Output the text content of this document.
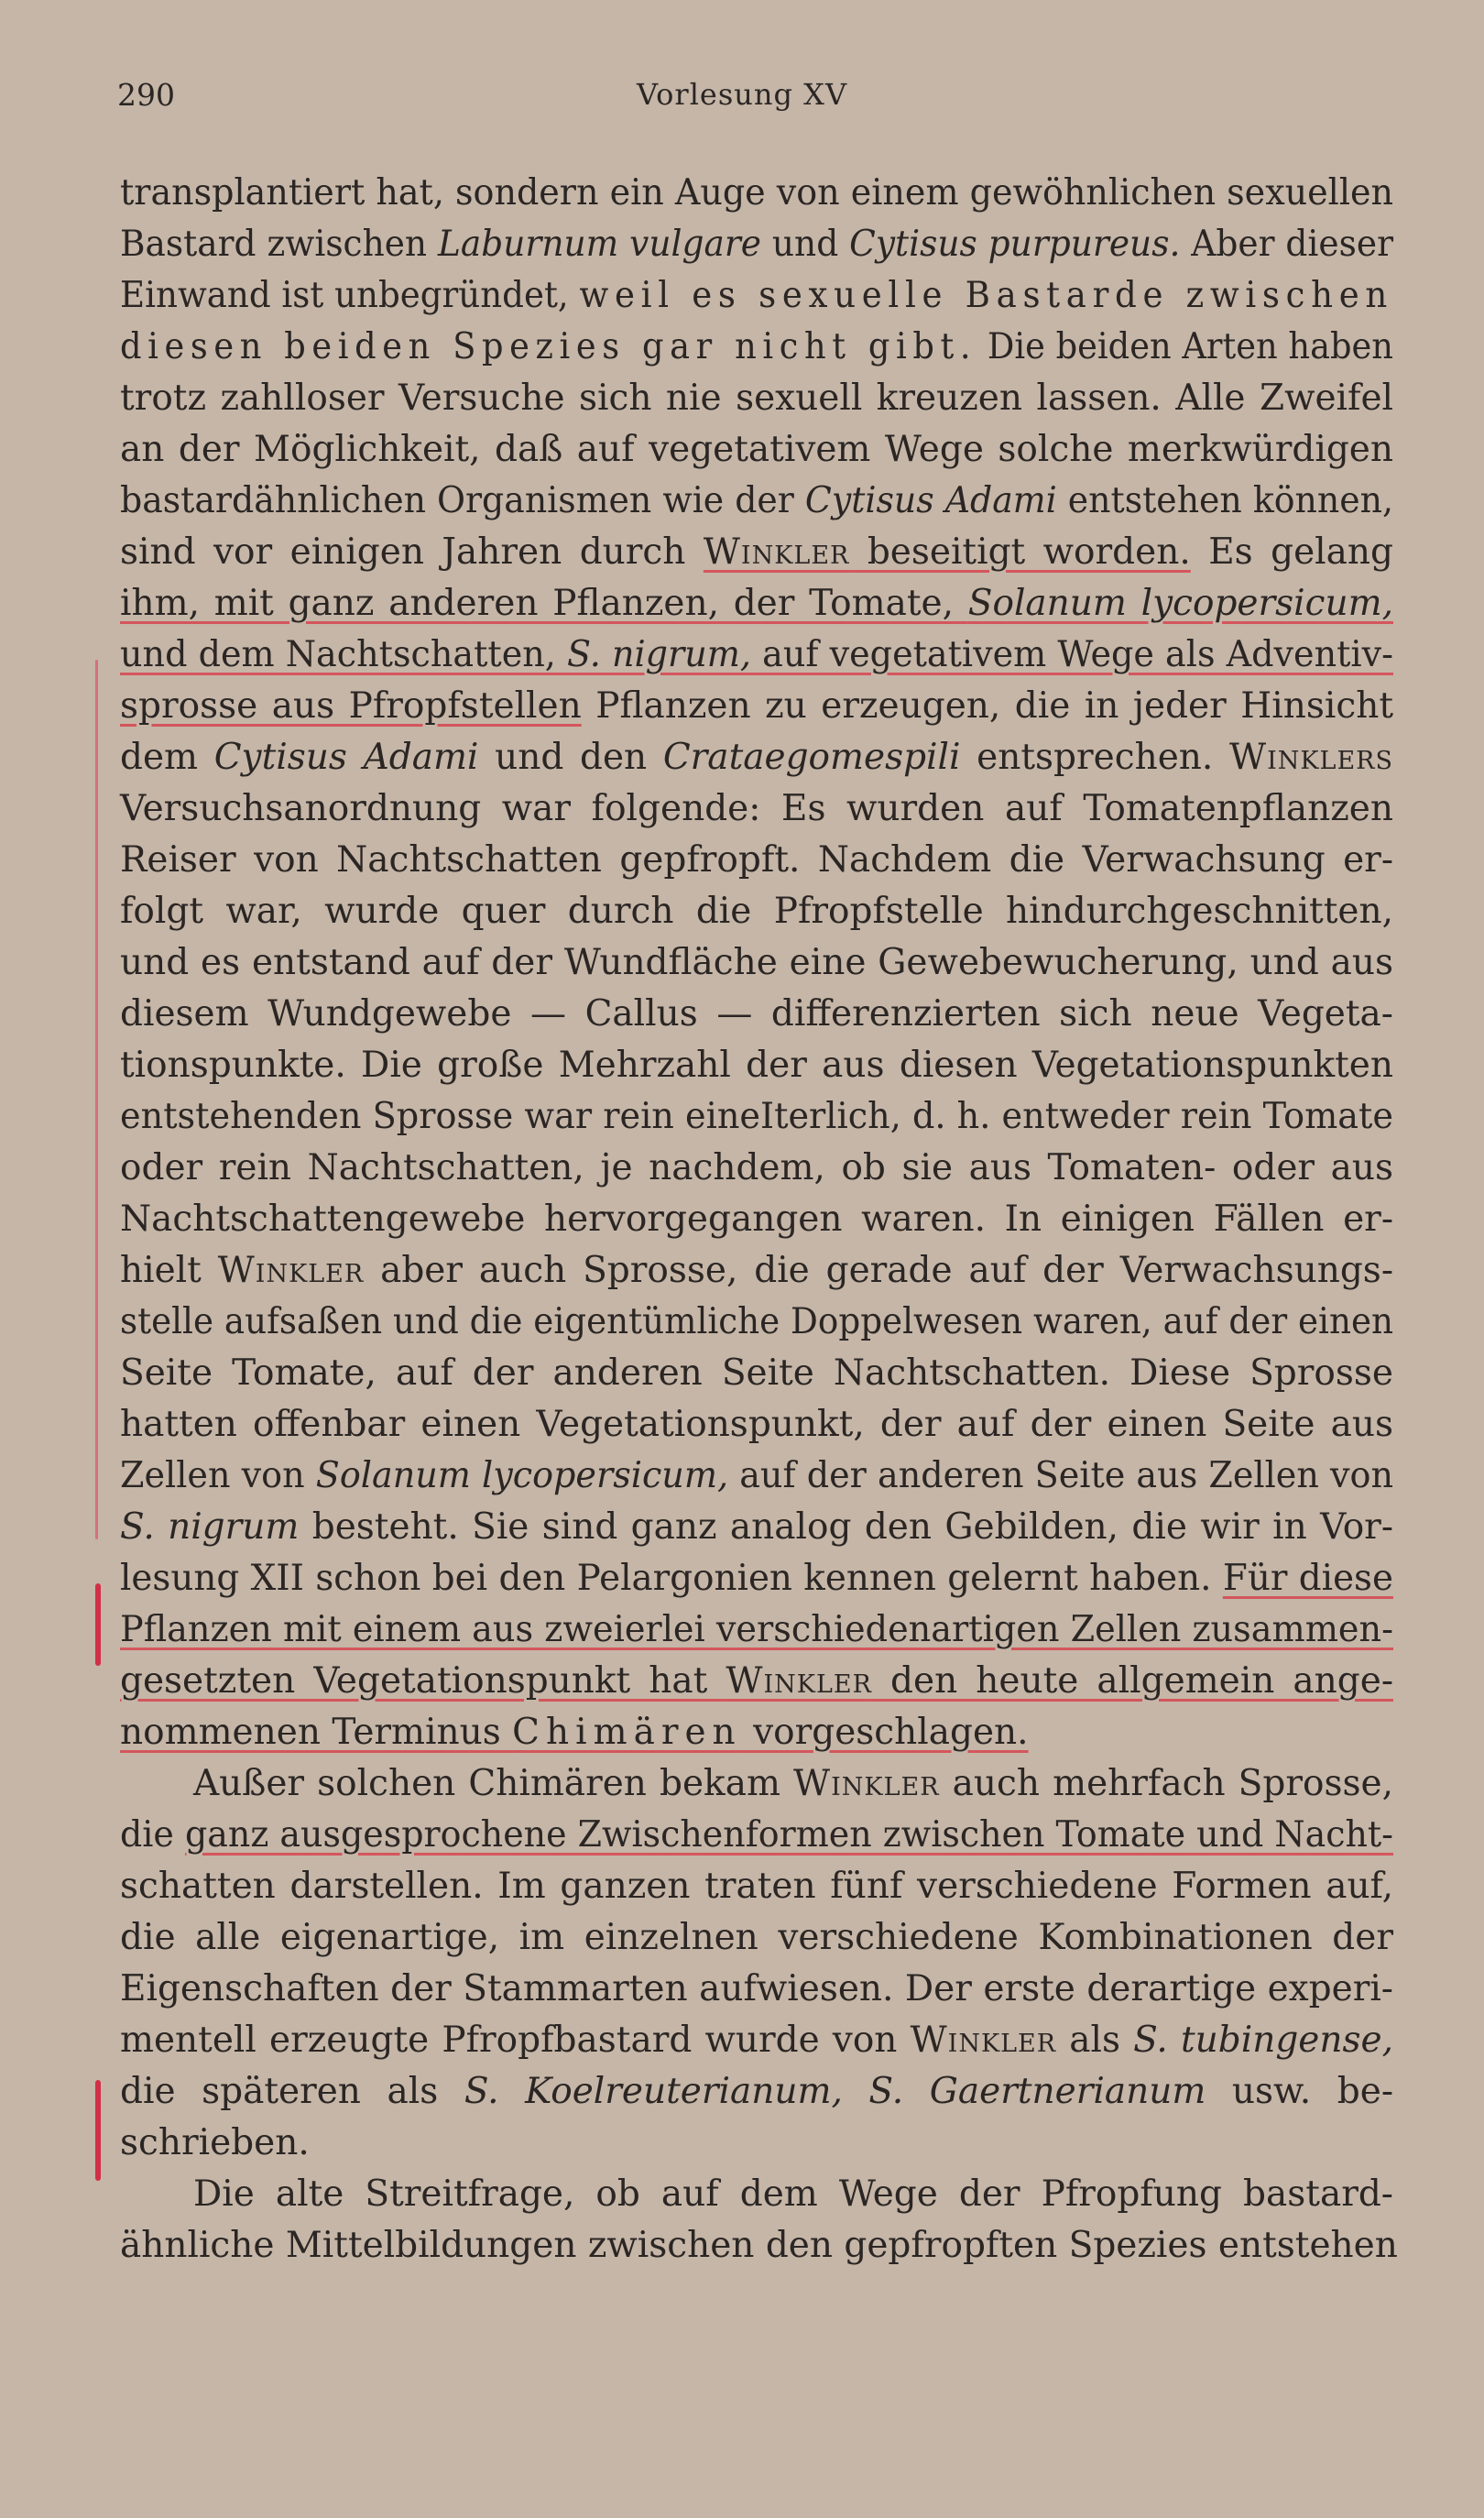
290	Vorlesung XV
transplantiert hat, sondern ein Auge von einem gewöhnlichen sexuellen
Bastard zwischen Laburnum vulgare und Cytisus purpureus. Aber dieser
Einwand ist unbegründet, weil es sexuelle Bastarde zwischen
diesen beiden Spezies gar nicht gibt. Die beiden Arten haben
trotz zahlloser Versuche sich nie sexuell kreuzen lassen. Alle Zweifel
an der Möglichkeit, daß auf vegetativem Wege solche merkwürdigen
bastardähnlichen Organismen wie der Cytisus Adami entstehen können,
sind vor einigen Jahren durch Winkler beseitigt worden. Es gelang
ihm, mit ganz anderen Pflanzen, der Tomate, Solanum lycopersicum,
und dem Nachtschatten, S. nigrum, auf vegetativem Wege als Adventiv-
sprosse aus Pfropfstellen Pflanzen zu erzeugen, die in jeder Hinsicht
dem Cytisus Adami und den Crataegomespili entsprechen. Winklers
Versuchsanordnung war folgende: Es wurden auf Tomatenpflanzen
Reiser von Nachtschatten gepfropft. Nachdem die Verwachsung er-
folgt war, wurde quer durch die Pfropfstelle hindurchgeschnitten,
und es entstand auf der Wundfläche eine Gewebewucherung, und aus
diesem Wundgewebe — Callus — differenzierten sich neue Vegeta-
tionspunkte. Die große Mehrzahl der aus diesen Vegetationspunkten
entstehenden Sprosse war rein eineIterlich, d. h. entweder rein Tomate
oder rein Nachtschatten, je nachdem, ob sie aus Tomaten- oder aus
Nachtschattengewebe hervorgegangen waren. In einigen Fällen er-
hielt Winkler aber auch Sprosse, die gerade auf der Verwachsungs-
stelle aufsaßen und die eigentümliche Doppelwesen waren, auf der einen
Seite Tomate, auf der anderen Seite Nachtschatten. Diese Sprosse
hatten offenbar einen Vegetationspunkt, der auf der einen Seite aus
Zellen von Solanum lycopersicum, auf der anderen Seite aus Zellen von
S. nigrum besteht. Sie sind ganz analog den Gebilden, die wir in Vor-
lesung XII schon bei den Pelargonien kennen gelernt haben. Für diese
Pflanzen mit einem aus zweierlei verschiedenartigen Zellen zusammen-
gesetzten Vegetationspunkt hat Winkler den heute allgemein ange-
nommenen Terminus Chimären vorgeschlagen.
Außer solchen Chimären bekam Winkler auch mehrfach Sprosse,
die ganz ausgesprochene Zwischenformen zwischen Tomate und Nacht-
schatten darstellen. Im ganzen traten fünf verschiedene Formen auf,
die alle eigenartige, im einzelnen verschiedene Kombinationen der
Eigenschaften der Stammarten aufwiesen. Der erste derartige experi-
mentell erzeugte Pfropfbastard wurde von Winkler als S. tubingense,
die späteren als S. Koelreuterianum, S. Gaertnerianum usw. be-
schrieben.
Die alte Streitfrage, ob auf dem Wege der Pfropfung bastard-
ähnliche Mittelbildungen zwischen den gepfropften Spezies entstehen
